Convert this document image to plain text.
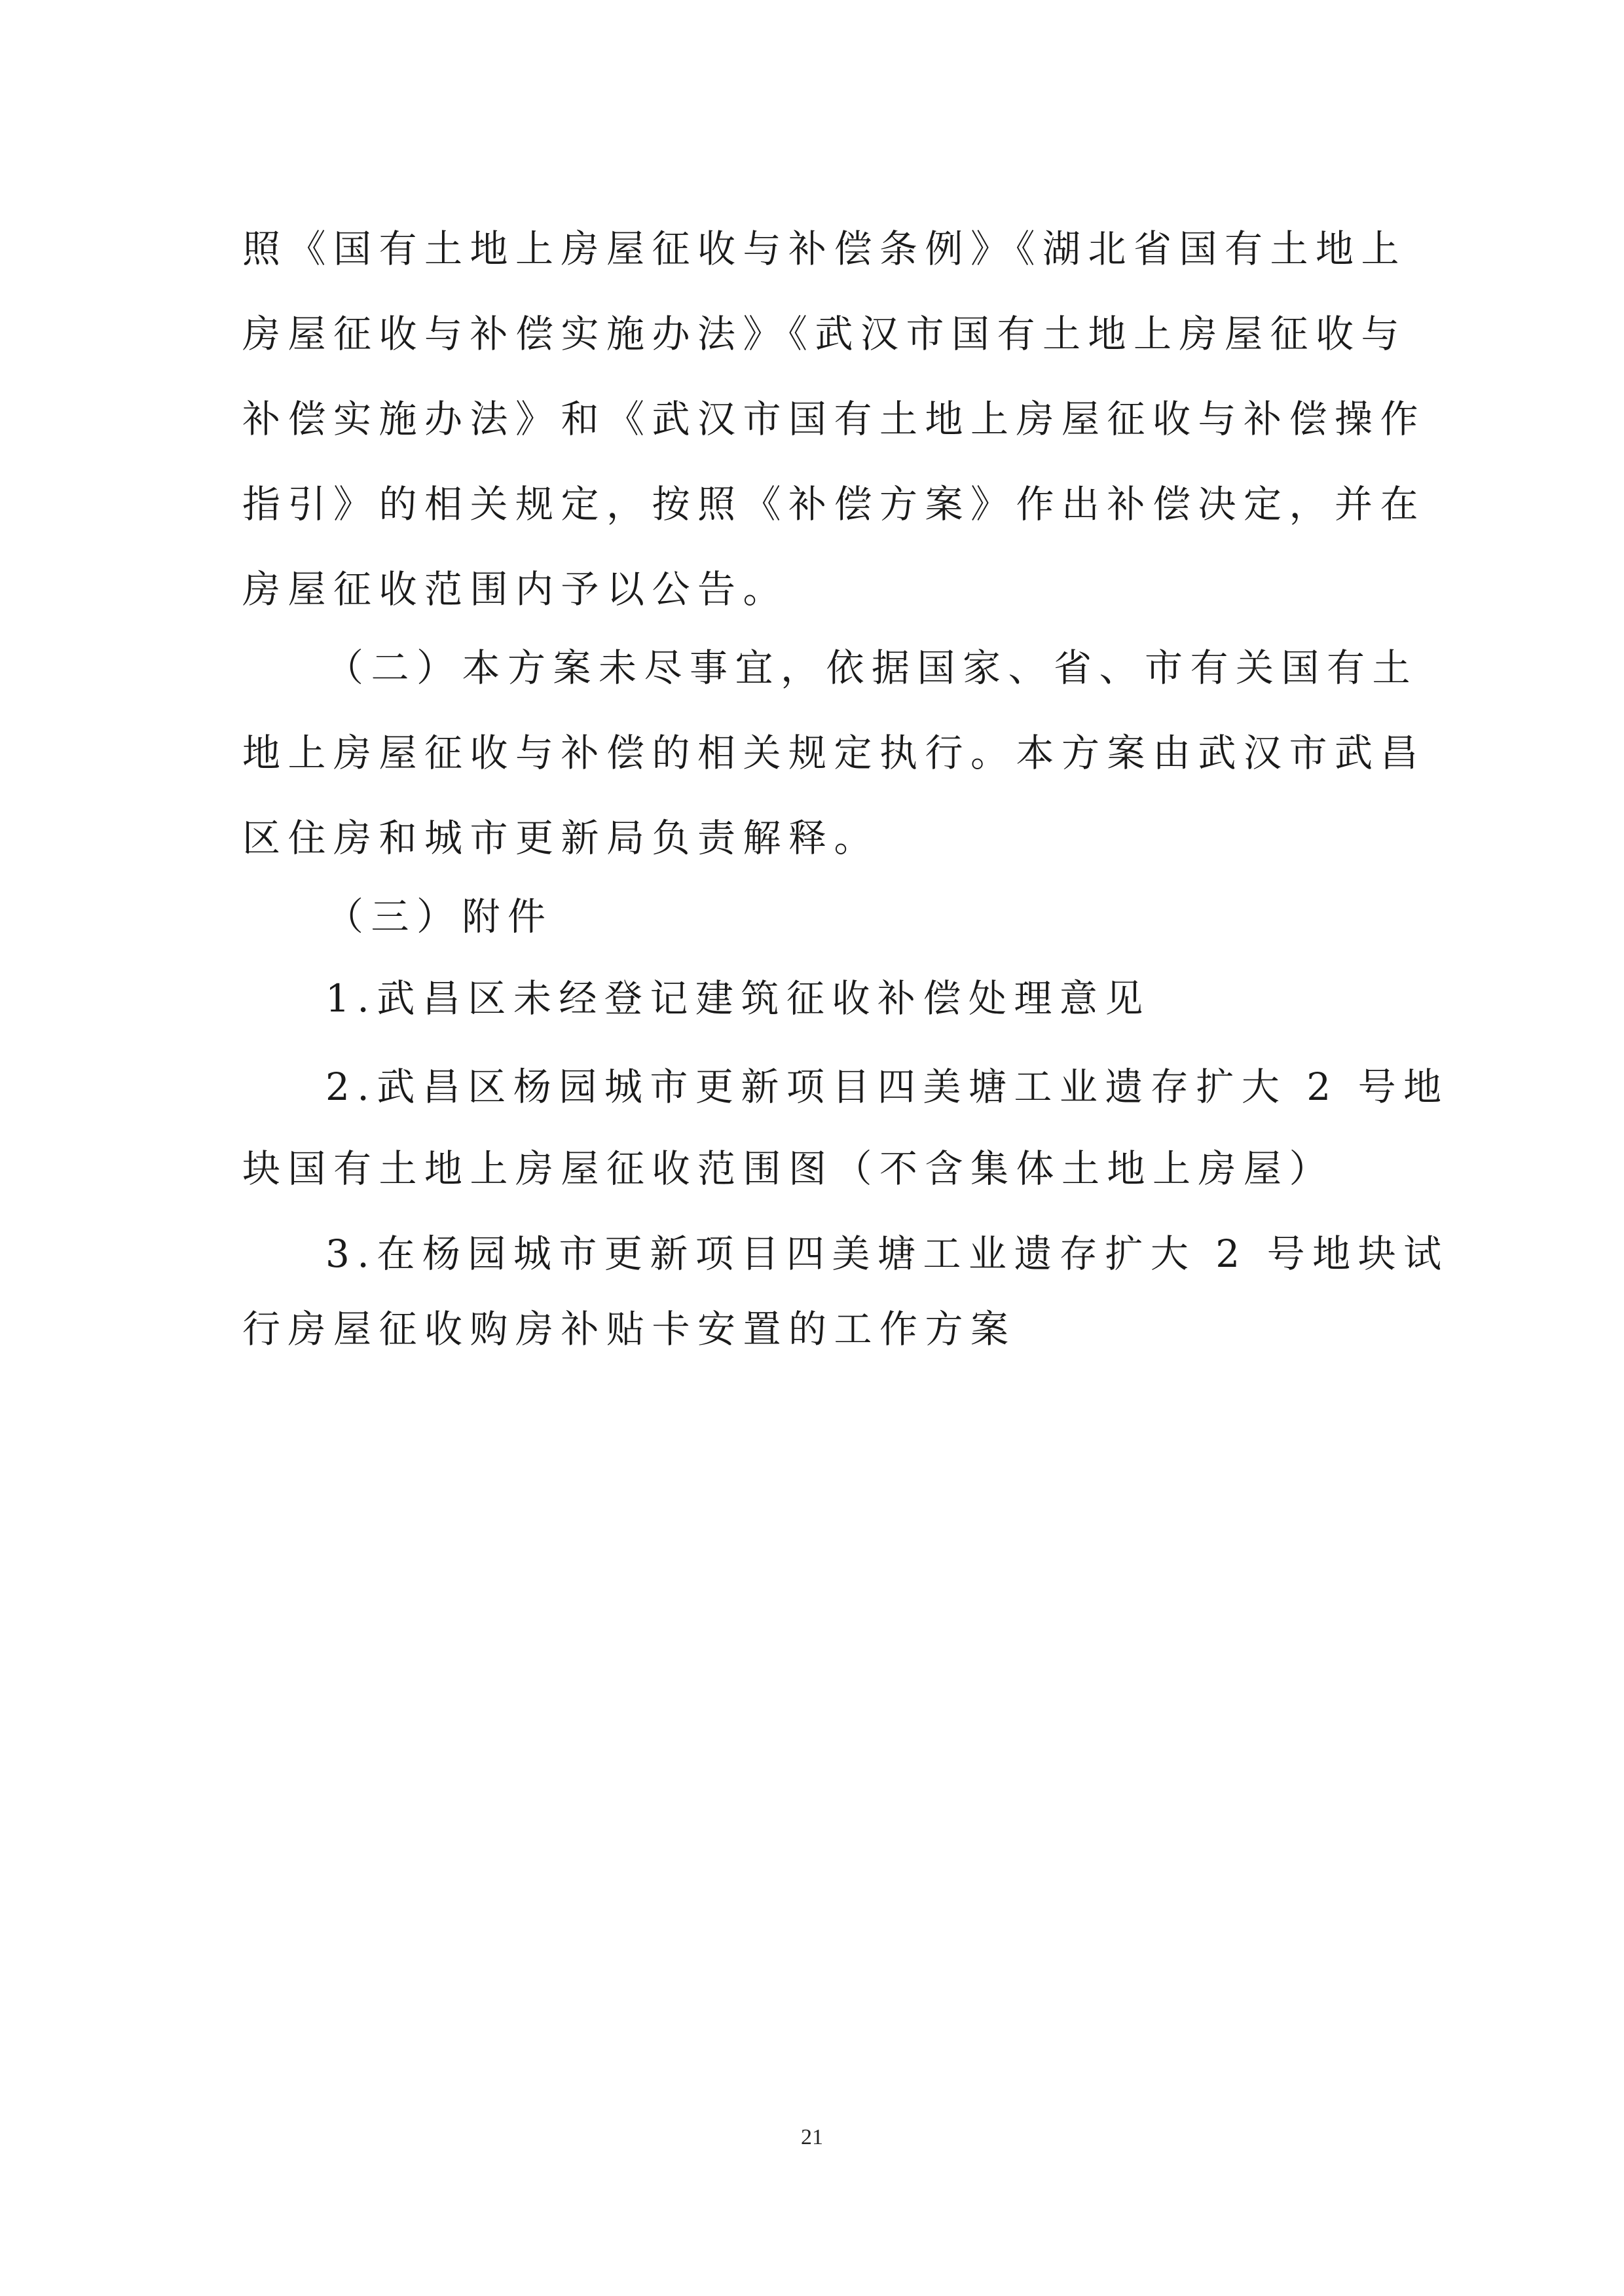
照《国有土地上房屋征收与补偿条例》《湖北省国有土地上

房屋征收与补偿实施办法》《武汉市国有土地上房屋征收与

补偿实施办法》和《武汉市国有土地上房屋征收与补偿操作

指引》的相关规定，按照《补偿方案》作出补偿决定，并在

房屋征收范围内予以公告。

（二）本方案未尽事宜，依据国家、省、市有关国有土

地上房屋征收与补偿的相关规定执行。本方案由武汉市武昌

区住房和城市更新局负责解释。

（三）附件

1.武昌区未经登记建筑征收补偿处理意见

2.武昌区杨园城市更新项目四美塘工业遗存扩大 2 号地

块国有土地上房屋征收范围图（不含集体土地上房屋）

3.在杨园城市更新项目四美塘工业遗存扩大 2 号地块试

行房屋征收购房补贴卡安置的工作方案

21
